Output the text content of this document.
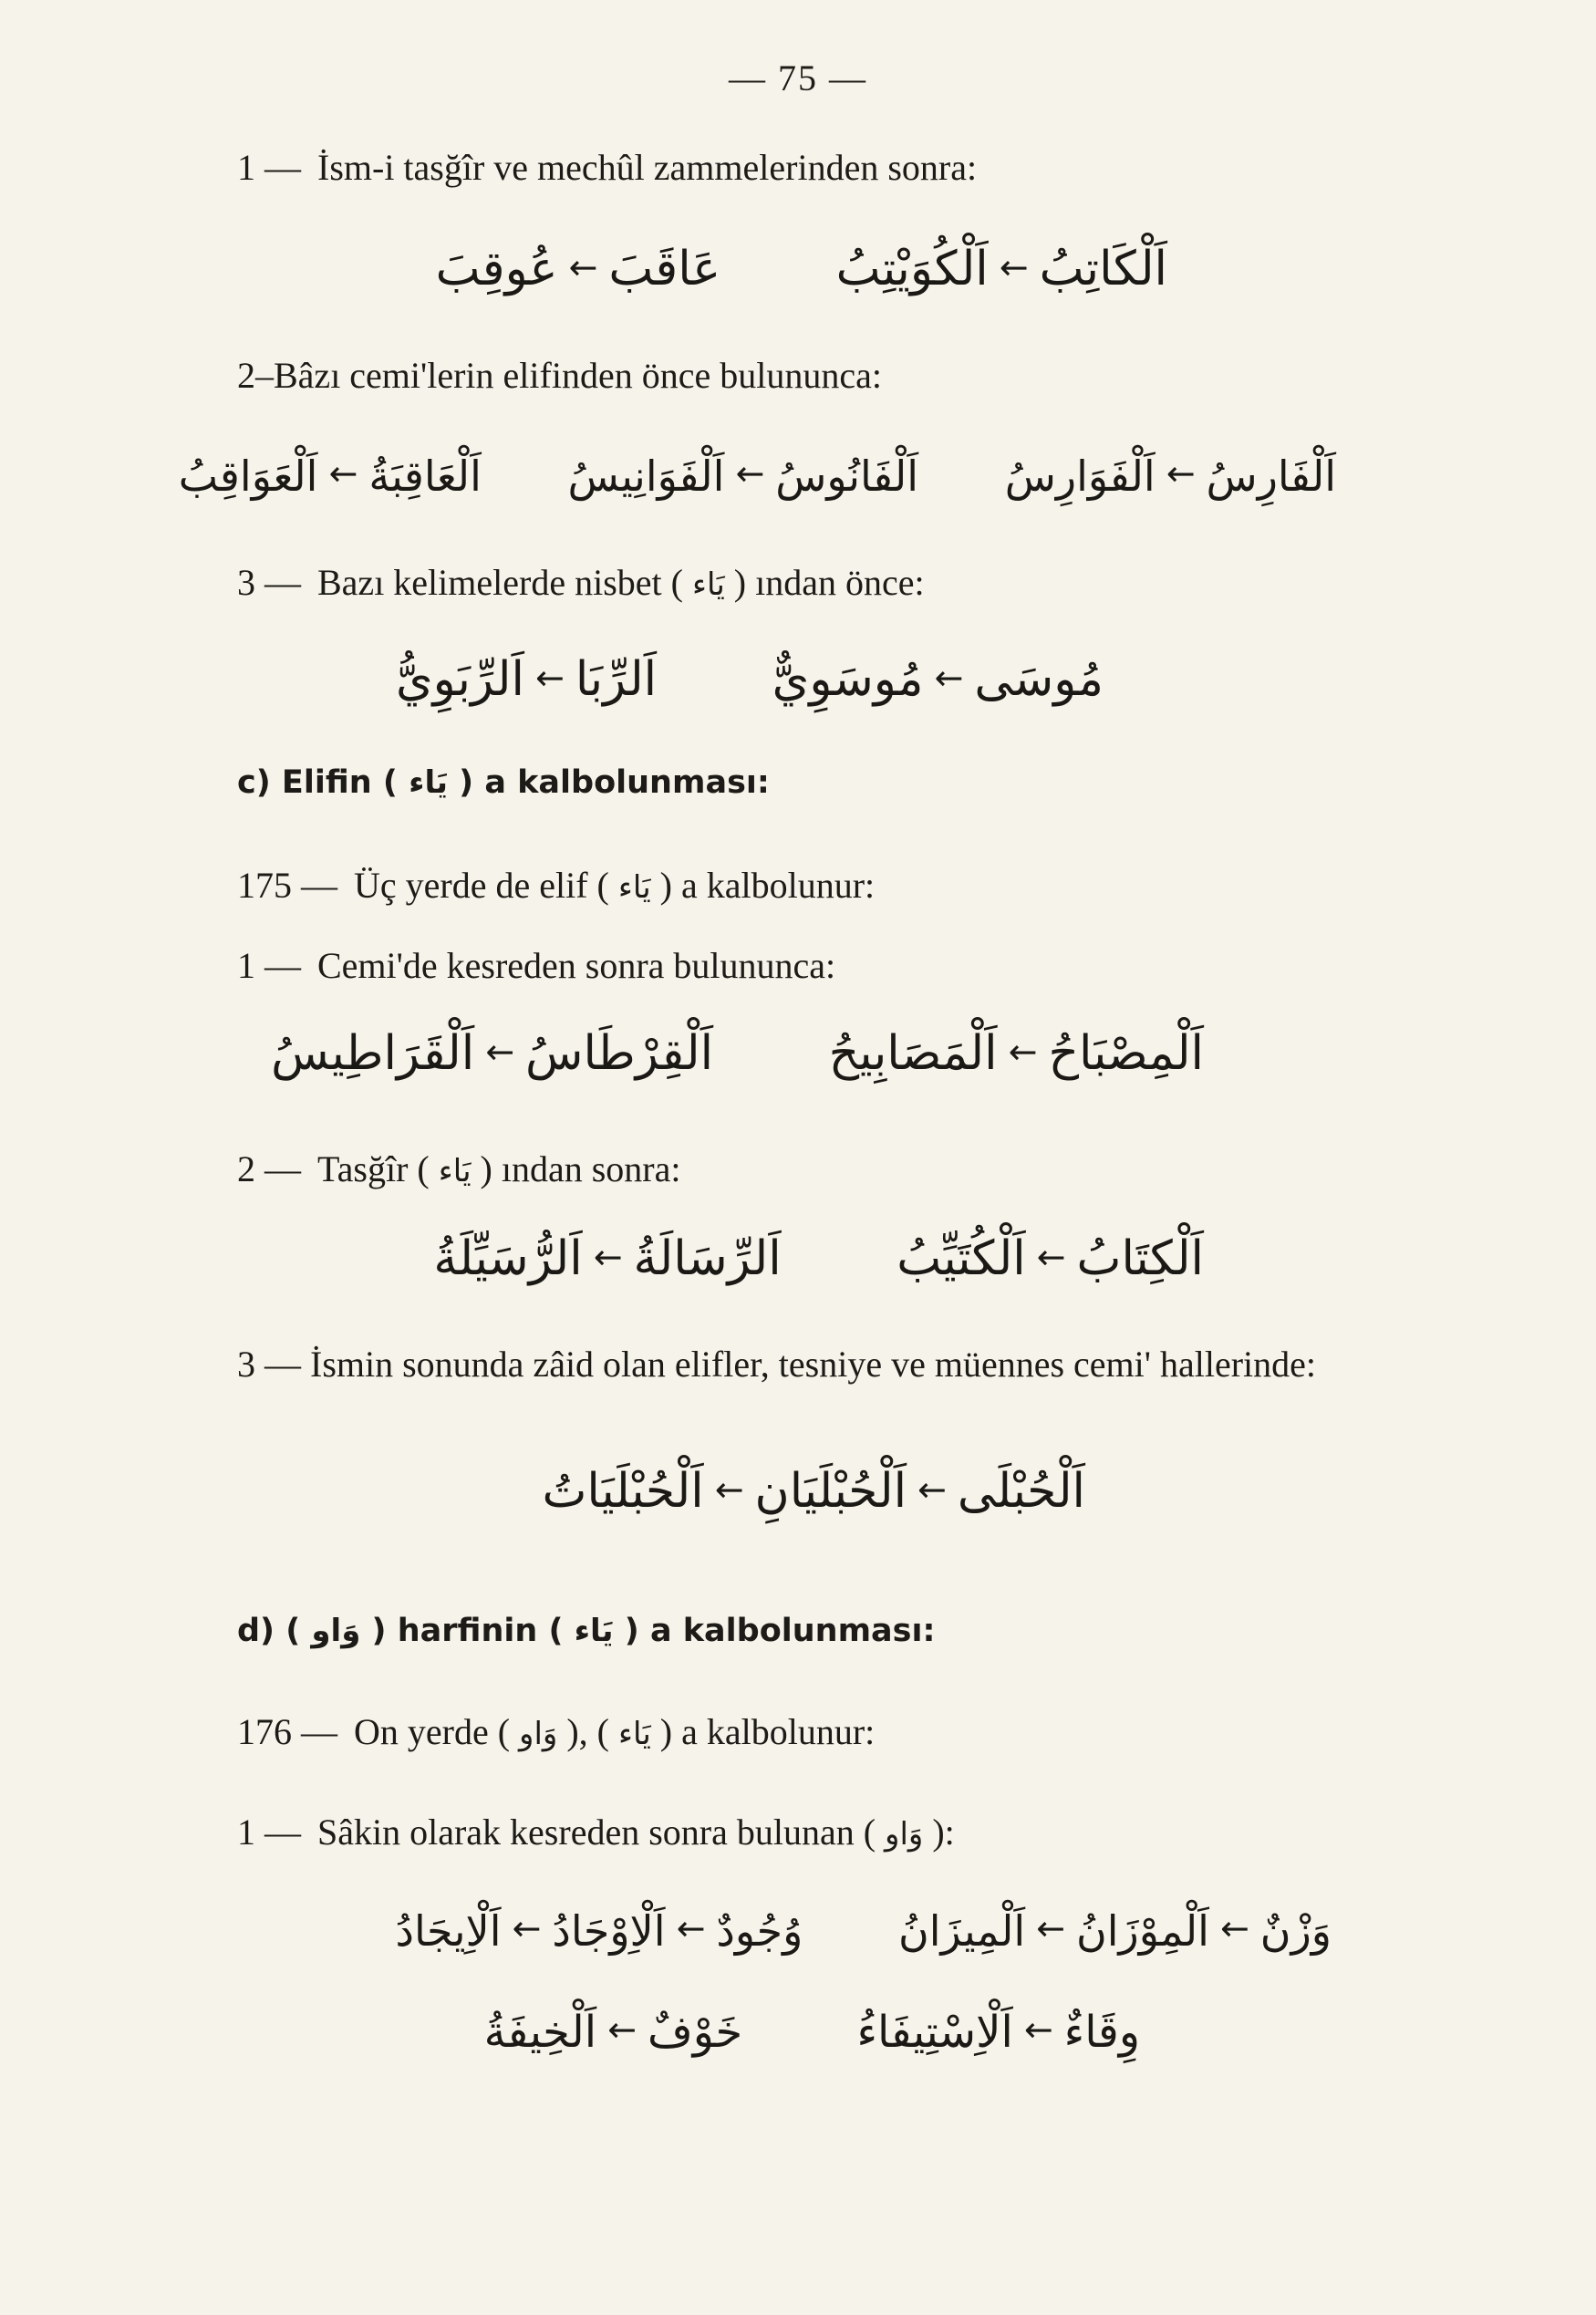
— 75 —
1 — İsm-i tasğîr ve mechûl zammelerinden sonra:
اَلْكَاتِبُ←اَلْكُوَيْتِبُ عَاقَبَ←عُوقِبَ
2–Bâzı cemi'lerin elifinden önce bulununca:
اَلْفَارِسُ←اَلْفَوَارِسُ اَلْفَانُوسُ←اَلْفَوَانِيسُ اَلْعَاقِبَةُ←اَلْعَوَاقِبُ
3 — Bazı kelimelerde nisbet ( يَاء ) ından önce:
مُوسَى←مُوسَوِيٌّ اَلرِّبَا←اَلرِّبَوِيُّ
c) Elifin ( يَاء ) a kalbolunması:
175 — Üç yerde de elif ( يَاء ) a kalbolunur:
1 — Cemi'de kesreden sonra bulununca:
اَلْمِصْبَاحُ←اَلْمَصَابِيحُ اَلْقِرْطَاسُ←اَلْقَرَاطِيسُ
2 — Tasğîr ( يَاء ) ından sonra:
اَلْكِتَابُ←اَلْكُتَيِّبُ اَلرِّسَالَةُ←اَلرُّسَيِّلَةُ
3 — İsmin sonunda zâid olan elifler, tesniye ve müennes cemi' hallerinde:
اَلْحُبْلَى←اَلْحُبْلَيَانِ←اَلْحُبْلَيَاتُ
d) ( وَاو ) harfinin ( يَاء ) a kalbolunması:
176 — On yerde ( وَاو ), ( يَاء ) a kalbolunur:
1 — Sâkin olarak kesreden sonra bulunan ( وَاو ):
وَزْنٌ←اَلْمِوْزَانُ←اَلْمِيزَانُ وُجُودٌ←اَلْاِوْجَادُ←اَلْاِيجَادُ
وِقَاءٌ←اَلْاِسْتِيفَاءُ خَوْفٌ←اَلْخِيفَةُ
